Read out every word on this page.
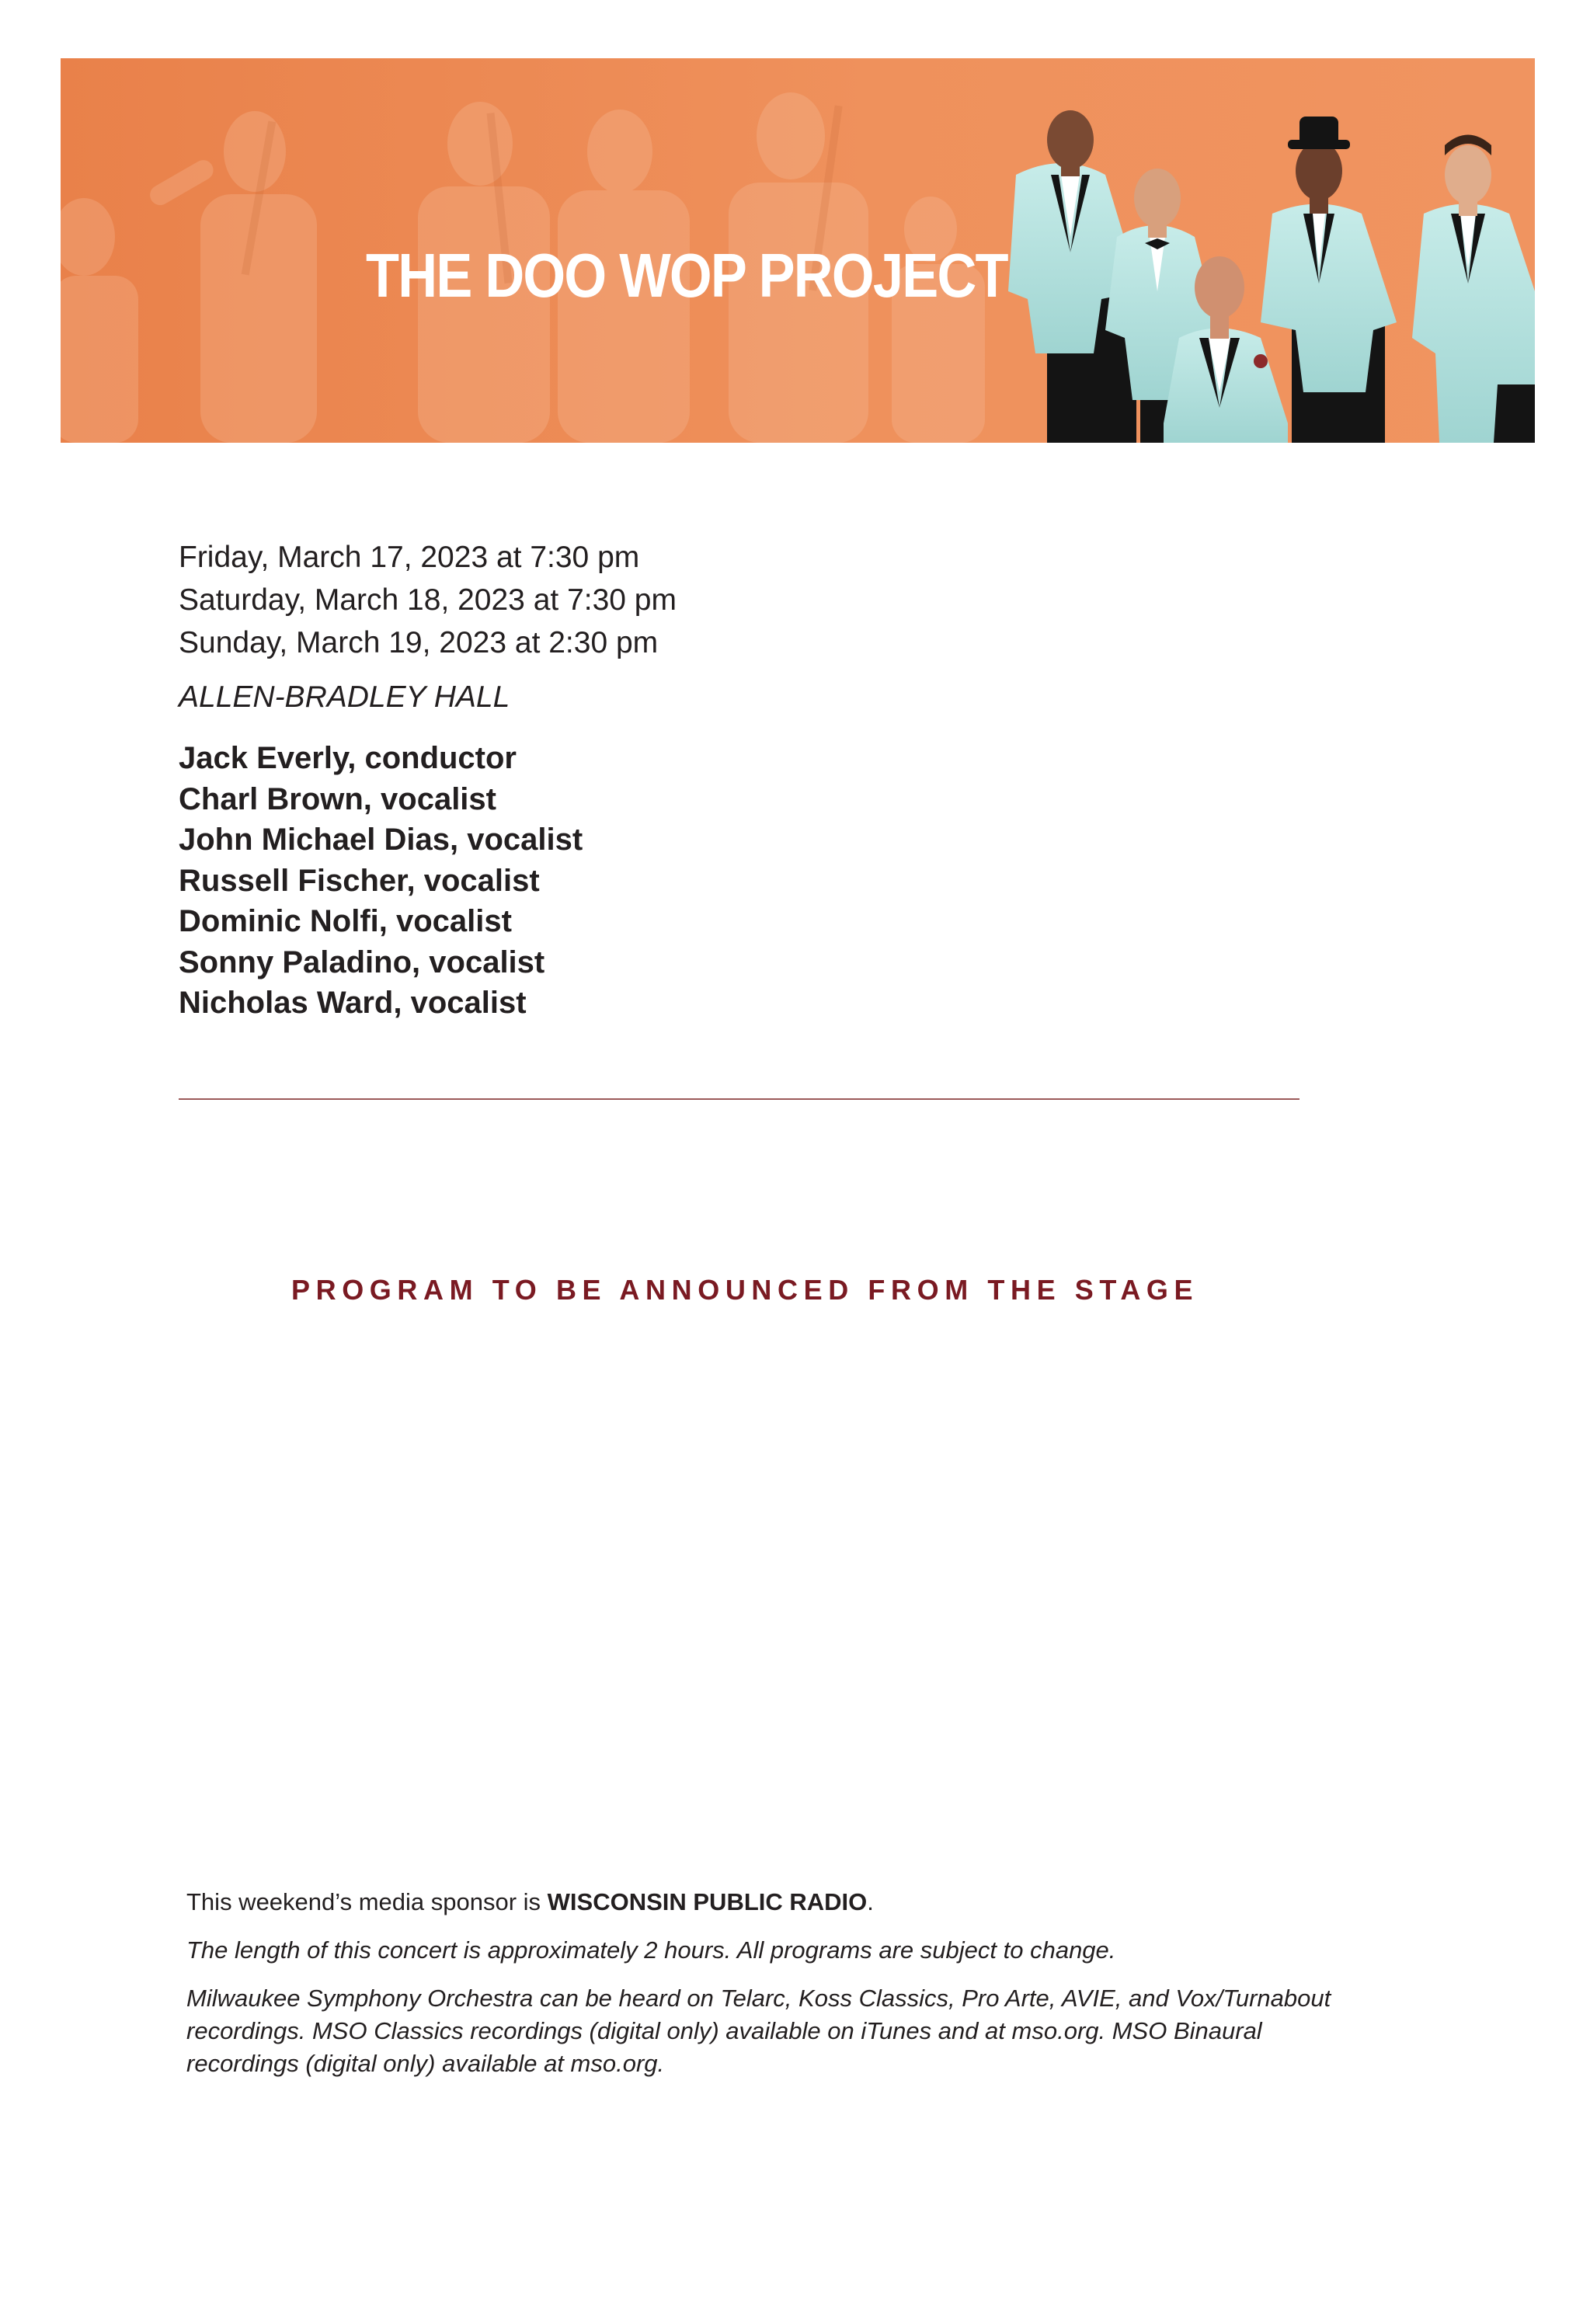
THE DOO WOP PROJECT
Friday, March 17, 2023 at 7:30 pm
Saturday, March 18, 2023 at 7:30 pm
Sunday, March 19, 2023 at 2:30 pm
ALLEN-BRADLEY HALL
Jack Everly, conductor
Charl Brown, vocalist
John Michael Dias, vocalist
Russell Fischer, vocalist
Dominic Nolfi, vocalist
Sonny Paladino, vocalist
Nicholas Ward, vocalist
PROGRAM TO BE ANNOUNCED FROM THE STAGE
This weekend’s media sponsor is WISCONSIN PUBLIC RADIO.
The length of this concert is approximately 2 hours. All programs are subject to change.
Milwaukee Symphony Orchestra can be heard on Telarc, Koss Classics, Pro Arte, AVIE, and Vox/Turnabout recordings. MSO Classics recordings (digital only) available on iTunes and at mso.org. MSO Binaural recordings (digital only) available at mso.org.
